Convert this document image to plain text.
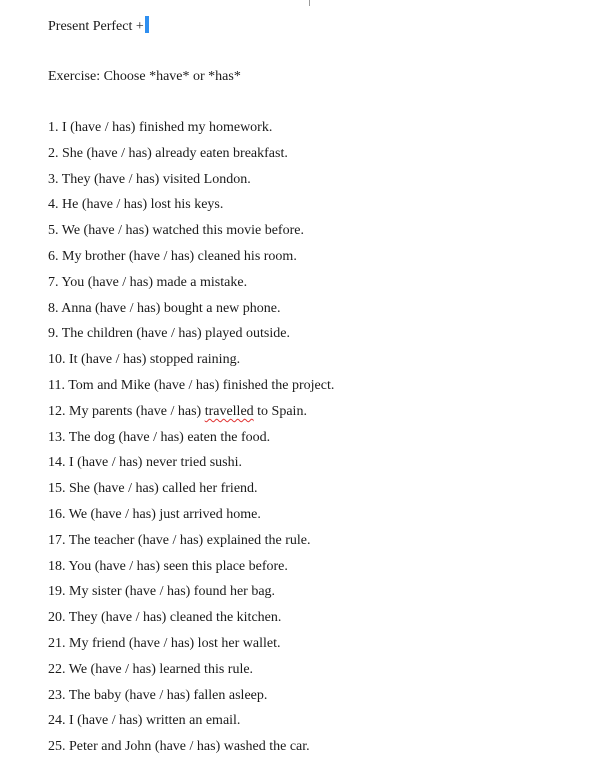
Present Perfect +
Exercise: Choose *have* or *has*
1. I (have / has) finished my homework.
2. She (have / has) already eaten breakfast.
3. They (have / has) visited London.
4. He (have / has) lost his keys.
5. We (have / has) watched this movie before.
6. My brother (have / has) cleaned his room.
7. You (have / has) made a mistake.
8. Anna (have / has) bought a new phone.
9. The children (have / has) played outside.
10. It (have / has) stopped raining.
11. Tom and Mike (have / has) finished the project.
12. My parents (have / has) travelled to Spain.
13. The dog (have / has) eaten the food.
14. I (have / has) never tried sushi.
15. She (have / has) called her friend.
16. We (have / has) just arrived home.
17. The teacher (have / has) explained the rule.
18. You (have / has) seen this place before.
19. My sister (have / has) found her bag.
20. They (have / has) cleaned the kitchen.
21. My friend (have / has) lost her wallet.
22. We (have / has) learned this rule.
23. The baby (have / has) fallen asleep.
24. I (have / has) written an email.
25. Peter and John (have / has) washed the car.
